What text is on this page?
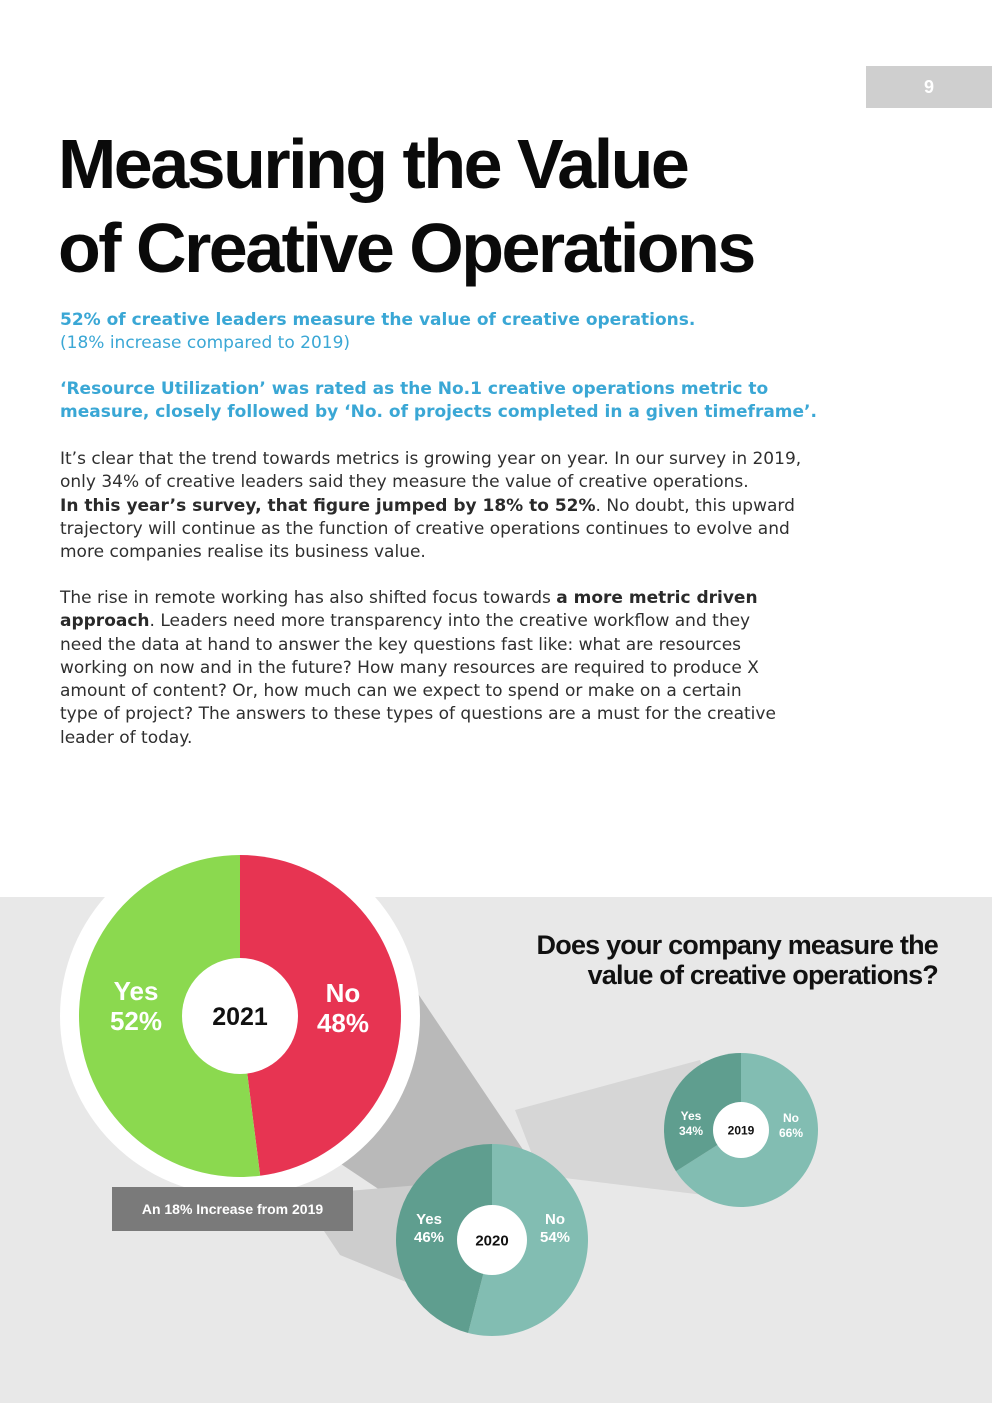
9
Measuring the Value
of Creative Operations

52% of creative leaders measure the value of creative operations.
(18% increase compared to 2019)

‘Resource Utilization’ was rated as the No.1 creative operations metric to
measure, closely followed by ‘No. of projects completed in a given timeframe’.

It’s clear that the trend towards metrics is growing year on year. In our survey in 2019,
only 34% of creative leaders said they measure the value of creative operations.
In this year’s survey, that figure jumped by 18% to 52%. No doubt, this upward
trajectory will continue as the function of creative operations continues to evolve and
more companies realise its business value.

The rise in remote working has also shifted focus towards a more metric driven
approach. Leaders need more transparency into the creative workflow and they
need the data at hand to answer the key questions fast like: what are resources
working on now and in the future? How many resources are required to produce X
amount of content? Or, how much can we expect to spend or make on a certain
type of project? The answers to these types of questions are a must for the creative
leader of today.

2021
Yes
52%
No
48%
2020
Yes
46%
No
54%
2019
Yes
34%
No
66%
Does your company measure the
value of creative operations?
An 18% Increase from 2019
